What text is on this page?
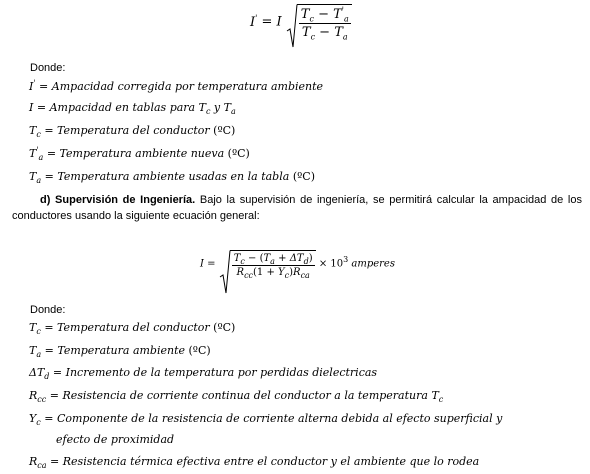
I' = I $\frac{T_c - T'_a}{T_c - T_a}$
Donde:
I' = Ampacidad corregida por temperatura ambiente
I = Ampacidad en tablas para $T_c$ y $T_a$
$T_c$ = Temperatura del conductor (ºC)
$T'_a$ = Temperatura ambiente nueva (ºC)
$T_a$ = Temperatura ambiente usadas en la tabla (ºC)
d) Supervisión de Ingeniería. Bajo la supervisión de ingeniería, se permitirá calcular la ampacidad de los conductores usando la siguiente ecuación general:
$I = \frac{T_c - (T_a + \Delta T_d)}{R_{cc}(1 + Y_c)R_{ca}} \times 10^3$ amperes
Donde:
$T_c$ = Temperatura del conductor (ºC)
$T_a$ = Temperatura ambiente (ºC)
$\Delta T_d$ = Incremento de la temperatura por perdidas dielectricas
$R_{cc}$ = Resistencia de corriente continua del conductor a la temperatura $T_c$
$Y_c$ = Componente de la resistencia de corriente alterna debida al efecto superficial y
efecto de proximidad
$R_{ca}$ = Resistencia térmica efectiva entre el conductor y el ambiente que lo rodea
